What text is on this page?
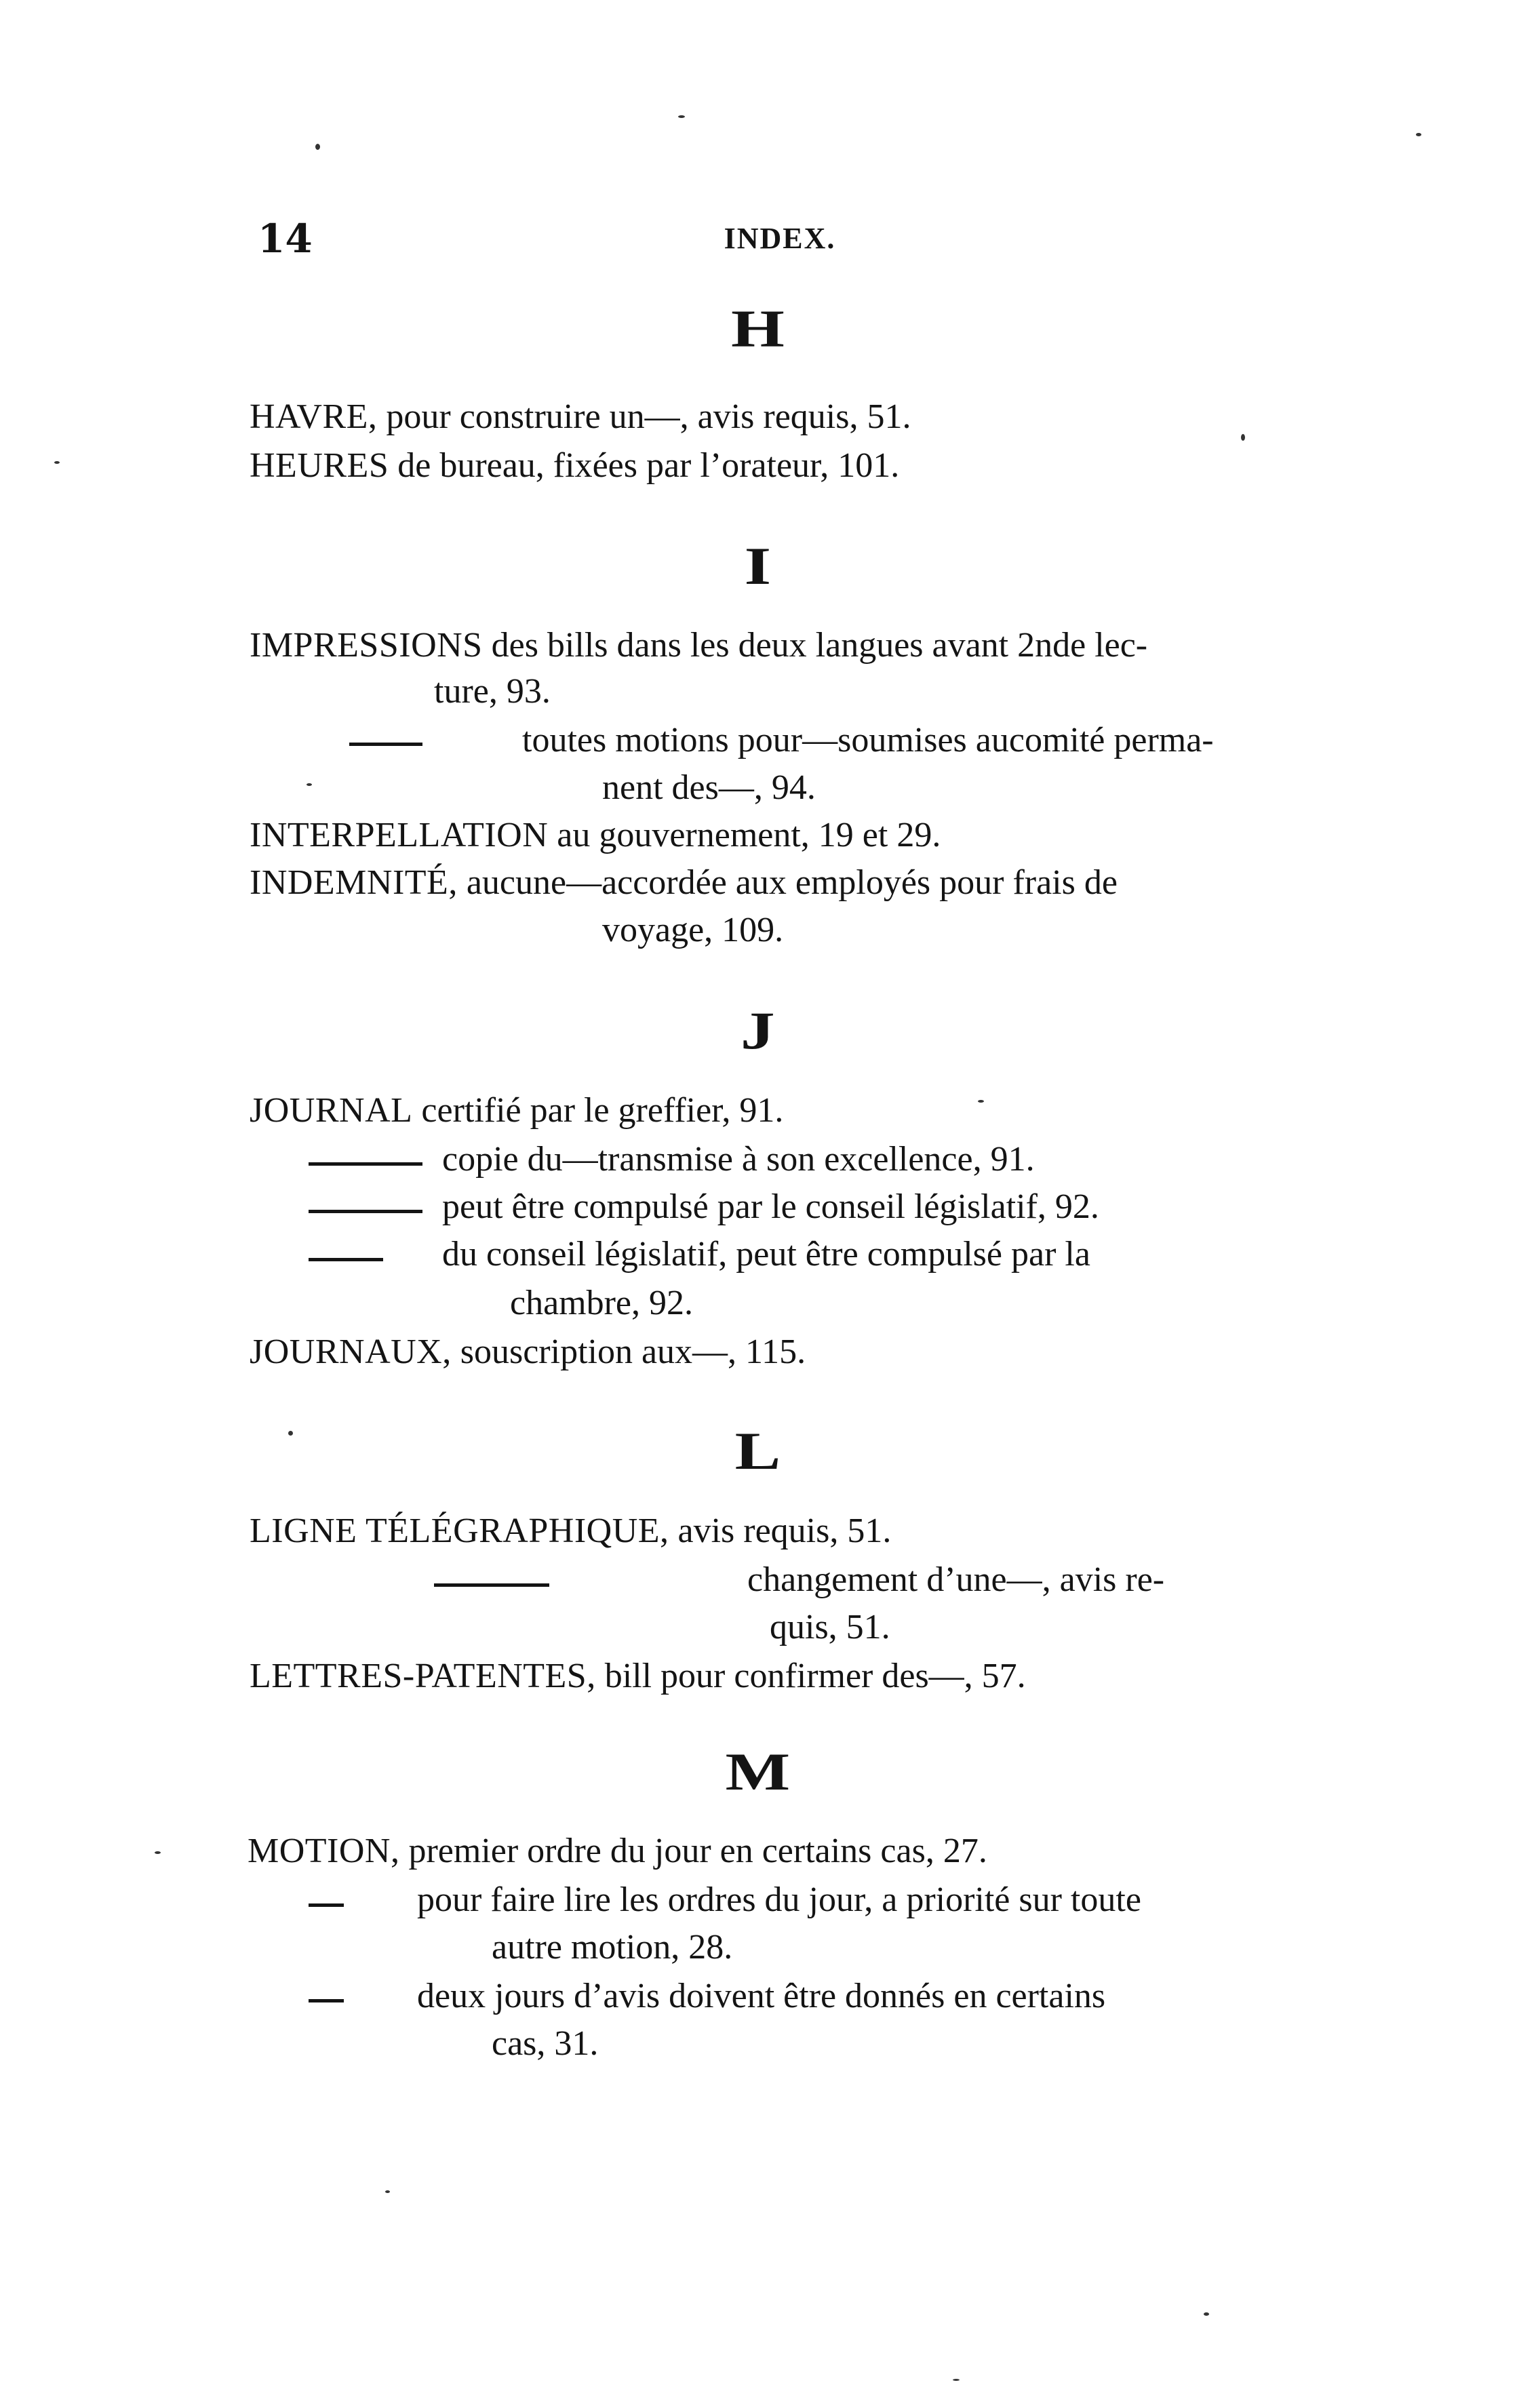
14	INDEX.
H
HAVRE, pour construire un—, avis requis, 51.
HEURES de bureau, fixées par l’orateur, 101.
I
IMPRESSIONS des bills dans les deux langues avant 2nde lec-
ture, 93.
toutes motions pour—soumises aucomité perma-
nent des—, 94.
INTERPELLATION au gouvernement, 19 et 29.
INDEMNITÉ, aucune—accordée aux employés pour frais de
voyage, 109.
J
JOURNAL certifié par le greffier, 91.
copie du—transmise à son excellence, 91.
peut être compulsé par le conseil législatif, 92.
du conseil législatif, peut être compulsé par la
chambre, 92.
JOURNAUX, souscription aux—, 115.
L
LIGNE TÉLÉGRAPHIQUE, avis requis, 51.
changement d’une—, avis re-
quis, 51.
LETTRES-PATENTES, bill pour confirmer des—, 57.
M
MOTION, premier ordre du jour en certains cas, 27.
pour faire lire les ordres du jour, a priorité sur toute
autre motion, 28.
deux jours d’avis doivent être donnés en certains
cas, 31.
